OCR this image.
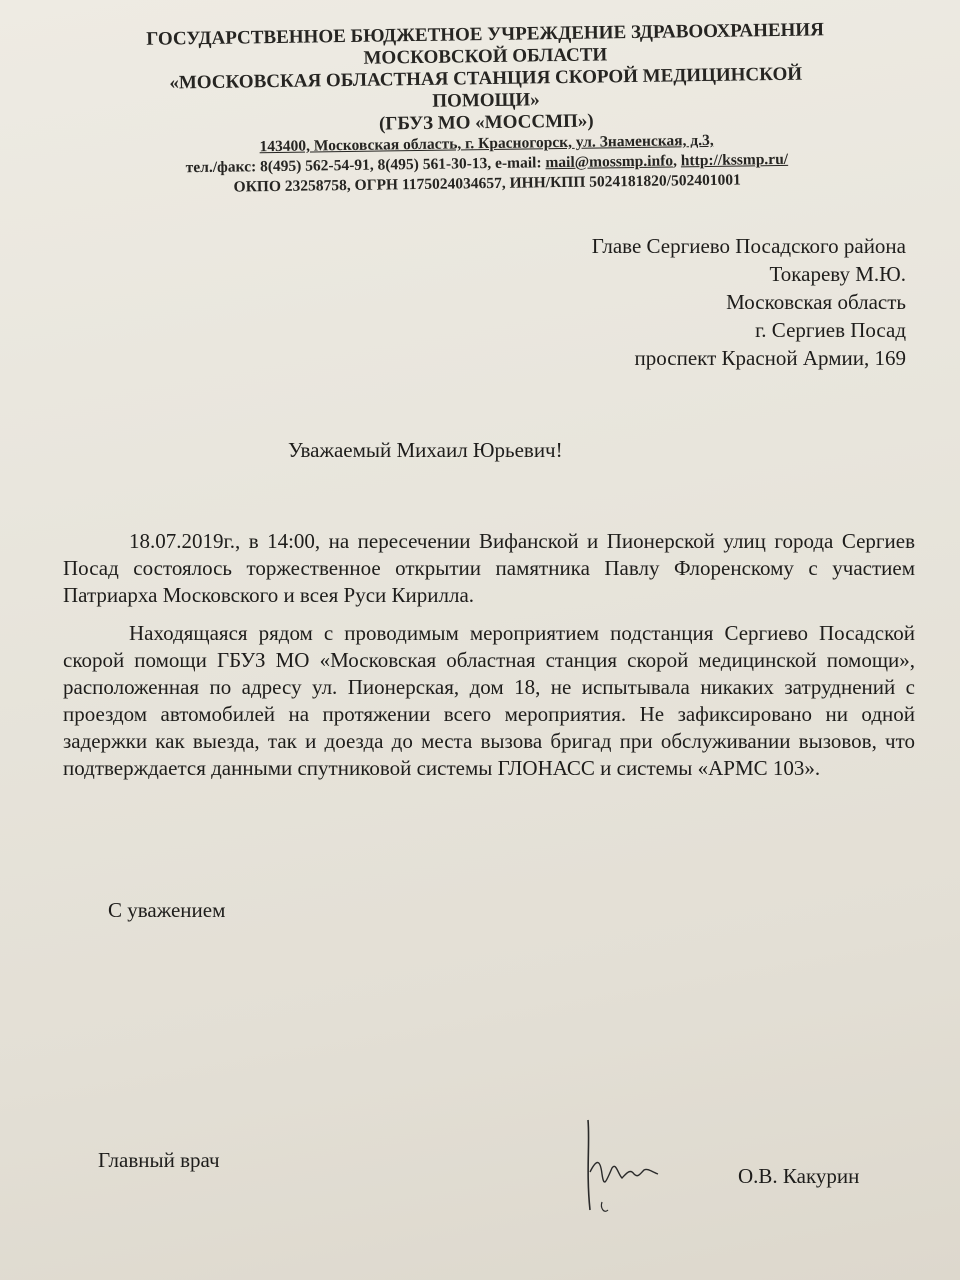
ГОСУДАРСТВЕННОЕ БЮДЖЕТНОЕ УЧРЕЖДЕНИЕ ЗДРАВООХРАНЕНИЯ
МОСКОВСКОЙ ОБЛАСТИ
«МОСКОВСКАЯ ОБЛАСТНАЯ СТАНЦИЯ СКОРОЙ МЕДИЦИНСКОЙ
ПОМОЩИ»
(ГБУЗ МО «МОССМП»)
143400, Московская область, г. Красногорск, ул. Знаменская, д.3,
тел./факс: 8(495) 562-54-91, 8(495) 561-30-13, e-mail: mail@mossmp.info, http://kssmp.ru/
ОКПО 23258758, ОГРН 1175024034657, ИНН/КПП 5024181820/502401001
Главе Сергиево Посадского района
Токареву М.Ю.
Московская область
г. Сергиев Посад
проспект Красной Армии, 169
Уважаемый Михаил Юрьевич!

18.07.2019г., в 14:00, на пересечении Вифанской и Пионерской улиц города Сергиев Посад состоялось торжественное открытии памятника Павлу Флоренскому с участием Патриарха Московского и всея Руси Кирилла.

Находящаяся рядом с проводимым мероприятием подстанция Сергиево Посадской скорой помощи ГБУЗ МО «Московская областная станция скорой медицинской помощи», расположенная по адресу ул. Пионерская, дом 18, не испытывала никаких затруднений с проездом автомобилей на протяжении всего мероприятия. Не зафиксировано ни одной задержки как выезда, так и доезда до места вызова бригад при обслуживании вызовов, что подтверждается данными спутниковой системы ГЛОНАСС и системы «АРМС 103».

С уважением
Главный врач
О.В. Какурин
